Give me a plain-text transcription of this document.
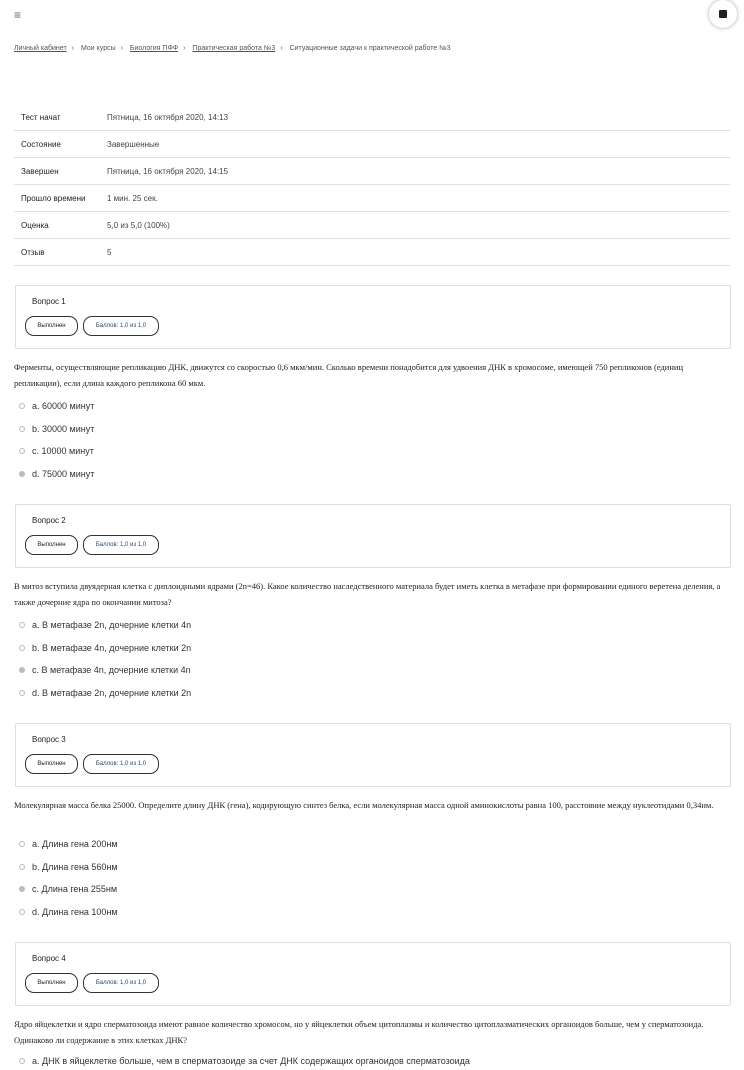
≡
Личный кабинет › Мои курсы › Биология ПФФ › Практическая работа №3 › Ситуационные задачи к практической работе №3
Тест начат	Пятница, 16 октября 2020, 14:13
Состояние	Завершенные
Завершен	Пятница, 16 октября 2020, 14:15
Прошло времени	1 мин. 25 сек.
Оценка	5,0 из 5,0 (100%)
Отзыв	5
Вопрос 1
Выполнен	Баллов: 1,0 из 1,0
Ферменты, осуществляющие репликацию ДНК, движутся со скоростью 0,6 мкм/мин. Сколько времени понадобится для удвоения ДНК в хромосоме, имеющей 750 репликонов (единиц репликации), если длина каждого репликона 60 мкм.
a. 60000 минут
b. 30000 минут
c. 10000 минут
d. 75000 минут
Вопрос 2
Выполнен	Баллов: 1,0 из 1,0
В митоз вступила двуядерная клетка с диплоидными ядрами (2n=46). Какое количество наследственного материала будет иметь клетка в метафазе при формировании единого веретена деления, а также дочерние ядра по окончании митоза?
a. В метафазе 2n, дочерние клетки 4n
b. В метафазе 4n, дочерние клетки 2n
c. В метафазе 4n, дочерние клетки 4n
d. В метафазе 2n, дочерние клетки 2n
Вопрос 3
Выполнен	Баллов: 1,0 из 1,0
Молекулярная масса белка 25000. Определите длину ДНК (гена), кодирующую синтез белка, если молекулярная масса одной аминокислоты равна 100, расстояние между нуклеотидами 0,34нм.
a. Длина гена 200нм
b. Длина гена 560нм
c. Длина гена 255нм
d. Длина гена 100нм
Вопрос 4
Выполнен	Баллов: 1,0 из 1,0
Ядро яйцеклетки и ядро сперматозоида имеют равное количество хромосом, но у яйцеклетки объем цитоплазмы и количество цитоплазматических органоидов больше, чем у сперматозоида. Одинаково ли содержание в этих клетках ДНК?
a. ДНК в яйцеклетке больше, чем в сперматозоиде за счет ДНК содержащих органоидов сперматозоида
